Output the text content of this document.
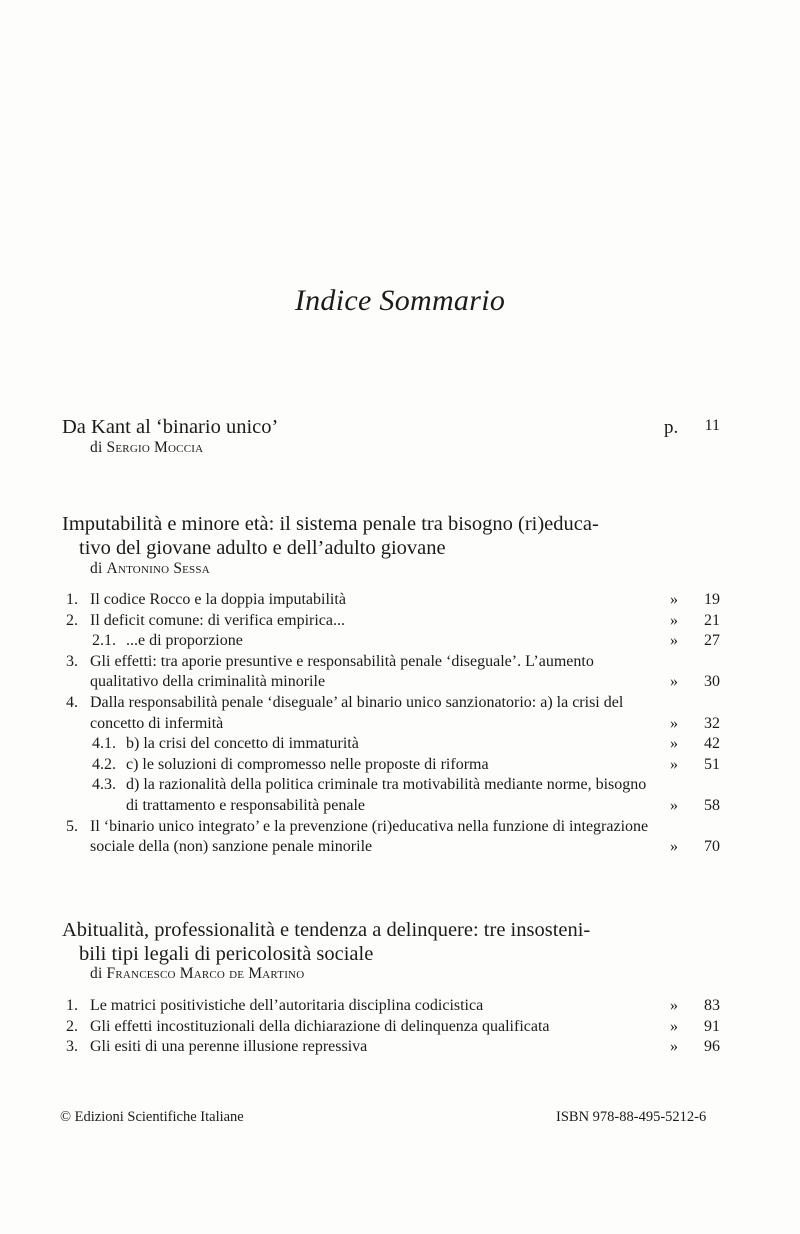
Indice Sommario
Da Kant al ‘binario unico’
di Sergio Moccia
p.	11
Imputabilità e minore età: il sistema penale tra bisogno (ri)educa-
tivo del giovane adulto e dell’adulto giovane
di Antonino Sessa
1. Il codice Rocco e la doppia imputabilità	» 19
2. Il deficit comune: di verifica empirica...	» 21
2.1. ...e di proporzione	» 27
3. Gli effetti: tra aporie presuntive e responsabilità penale ‘diseguale’. L’aumento qualitativo della criminalità minorile	» 30
4. Dalla responsabilità penale ‘diseguale’ al binario unico sanzionatorio: a) la crisi del concetto di infermità	» 32
4.1. b) la crisi del concetto di immaturità	» 42
4.2. c) le soluzioni di compromesso nelle proposte di riforma	» 51
4.3. d) la razionalità della politica criminale tra motivabilità mediante norme, bisogno di trattamento e responsabilità penale	» 58
5. Il ‘binario unico integrato’ e la prevenzione (ri)educativa nella funzione di integrazione sociale della (non) sanzione penale minorile	» 70
Abitualità, professionalità e tendenza a delinquere: tre insosteni-
bili tipi legali di pericolosità sociale
di Francesco Marco de Martino
1. Le matrici positivistiche dell’autoritaria disciplina codicistica	» 83
2. Gli effetti incostituzionali della dichiarazione di delinquenza qualificata	» 91
3. Gli esiti di una perenne illusione repressiva	» 96
© Edizioni Scientifiche Italiane	ISBN 978-88-495-5212-6
